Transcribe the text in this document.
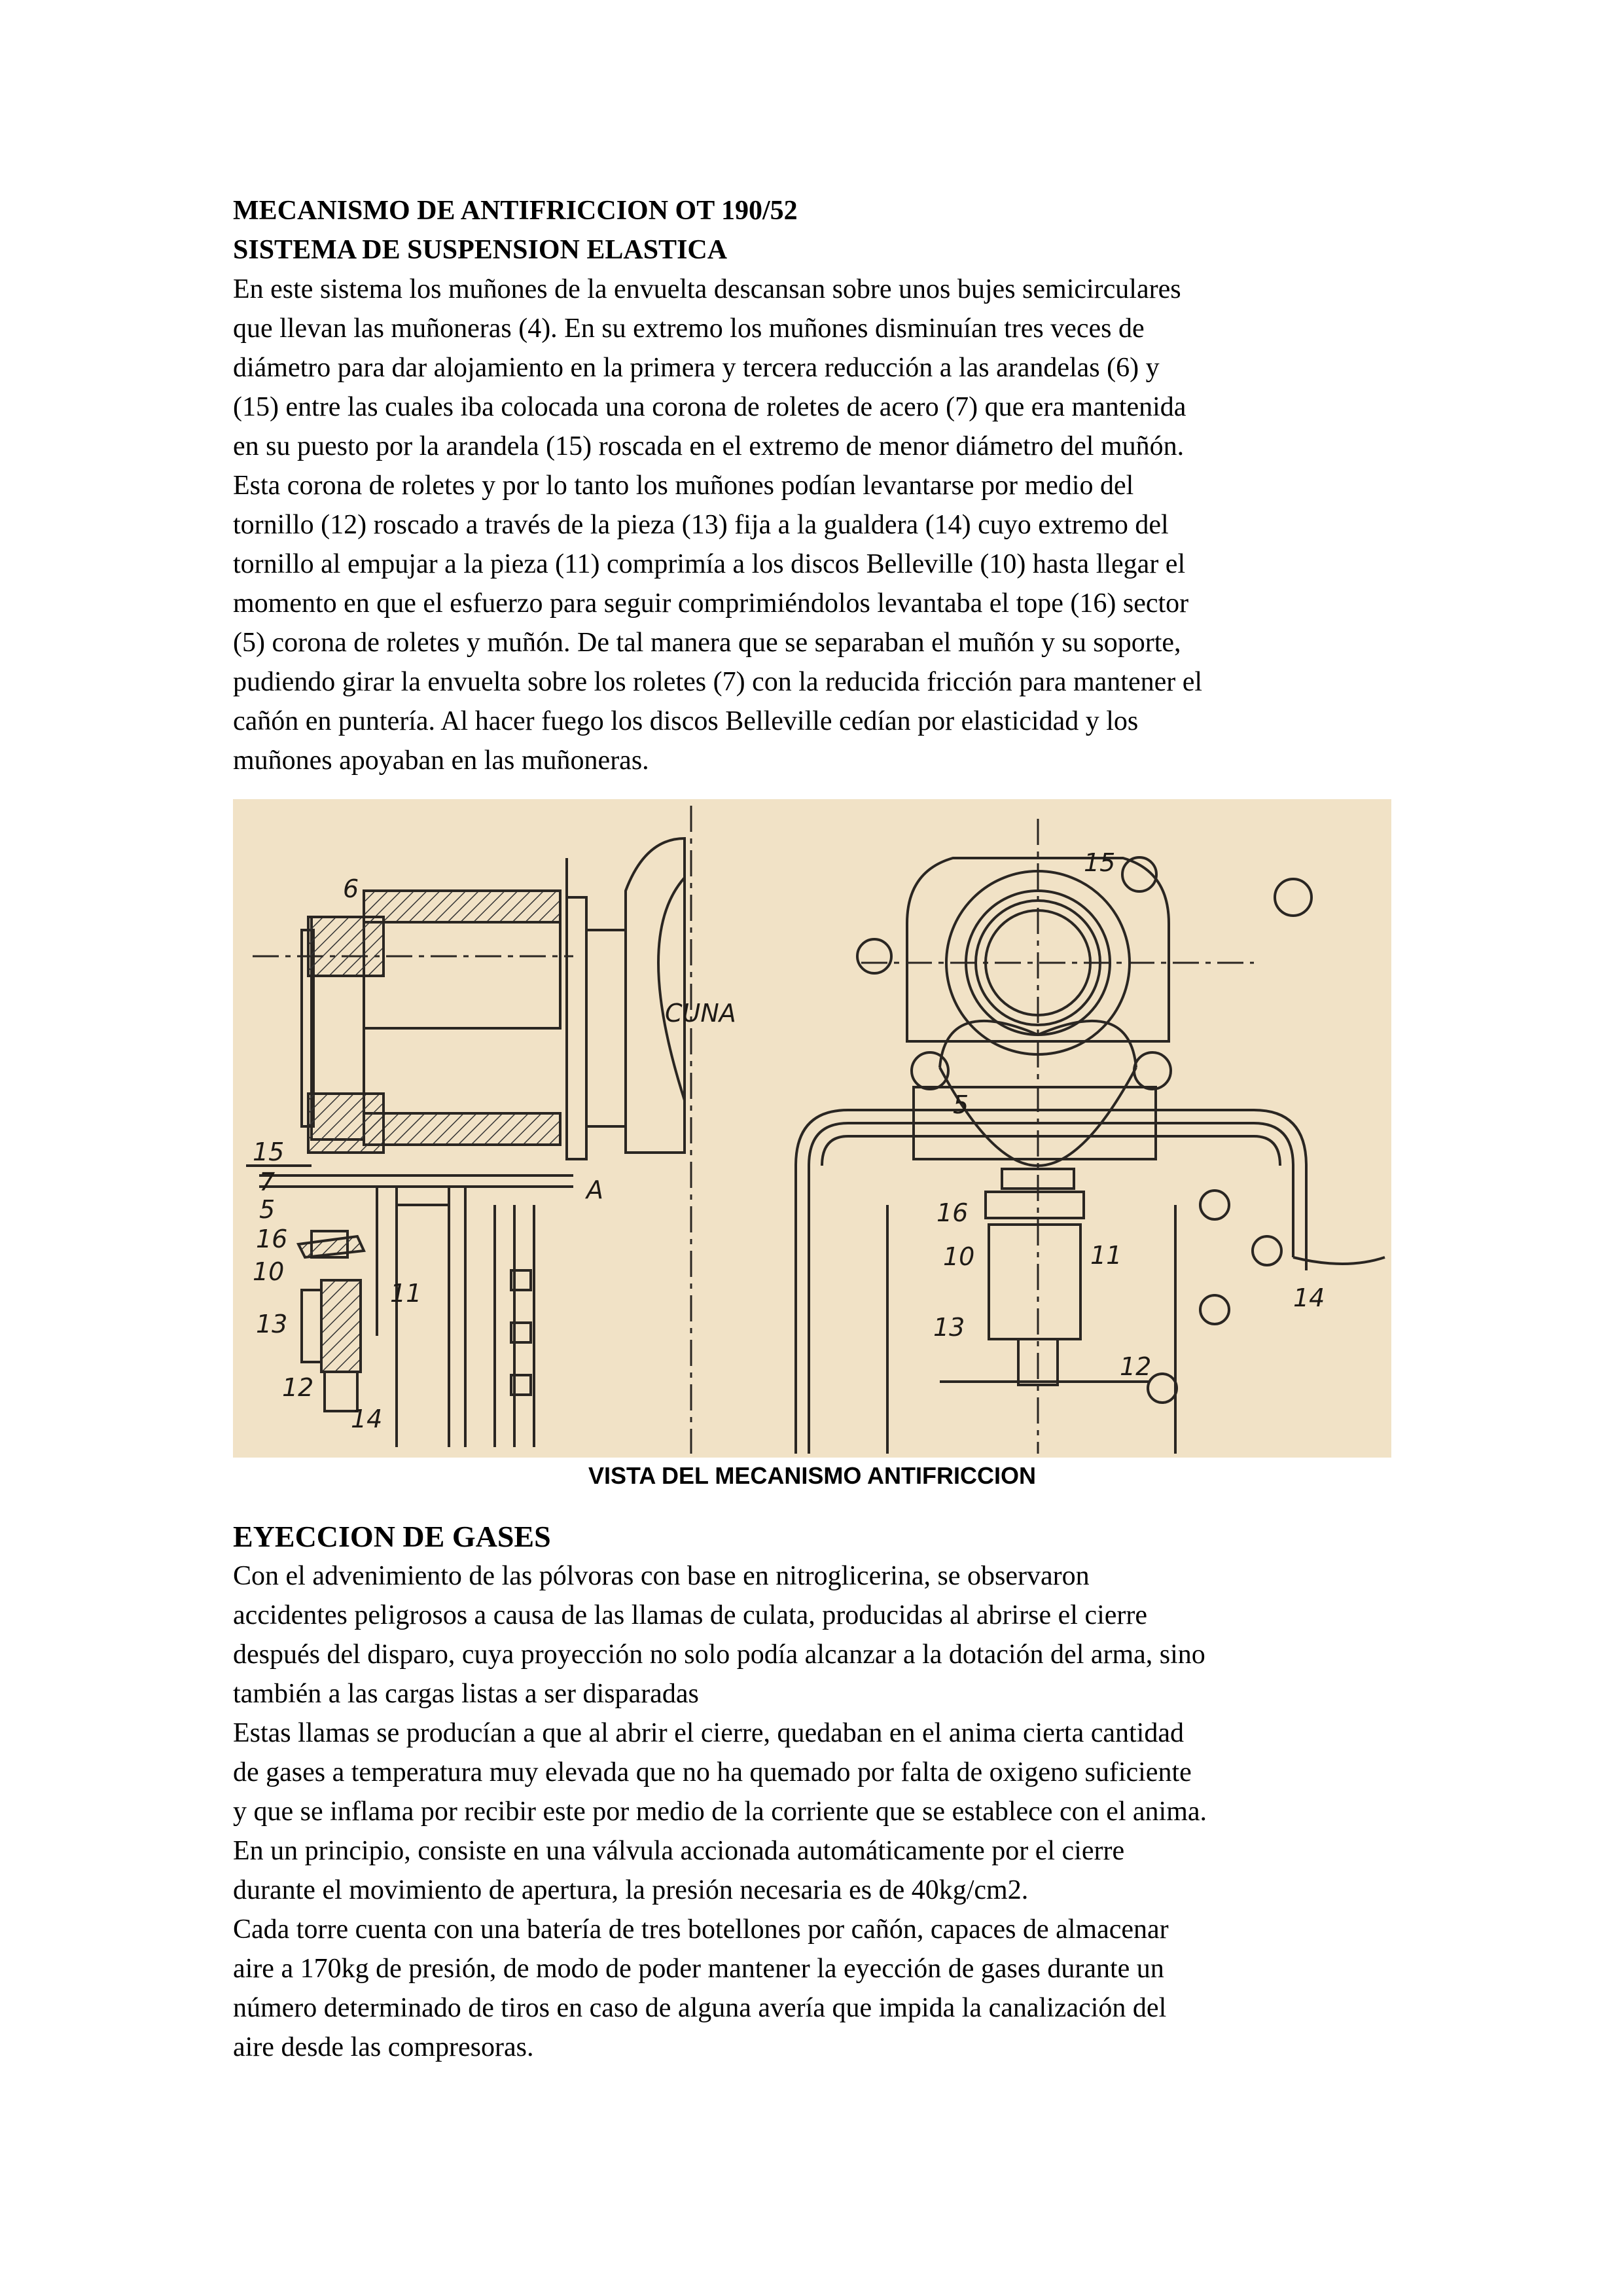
MECANISMO DE ANTIFRICCION OT 190/52

SISTEMA DE SUSPENSION ELASTICA

En este sistema los muñones de la envuelta descansan sobre unos bujes semicirculares
que llevan las muñoneras (4). En su extremo los muñones disminuían tres veces de
diámetro para dar alojamiento en la primera y tercera reducción a las arandelas (6) y
(15) entre las cuales iba colocada una corona de roletes de acero (7) que era mantenida
en su puesto por la arandela (15) roscada en el extremo de menor diámetro del muñón.
Esta corona de roletes y por lo tanto los muñones podían levantarse por medio del
tornillo (12) roscado a través de la pieza (13) fija a la gualdera (14) cuyo extremo del
tornillo al empujar a la pieza (11) comprimía a los discos Belleville (10) hasta llegar el
momento en que el esfuerzo para seguir comprimiéndolos levantaba el tope (16) sector
(5) corona de roletes y muñón. De tal manera que se separaban el muñón y su soporte,
pudiendo girar la envuelta sobre los roletes (7) con la reducida fricción para mantener el
cañón en puntería. Al hacer fuego los discos Belleville cedían por elasticidad y los
muñones apoyaban en las muñoneras.
6
15
7
5
16
10
11
13
12
14
A
CUNA
15
5
16
10	11
13
12
14
VISTA DEL MECANISMO ANTIFRICCION

EYECCION DE GASES

Con el advenimiento de las pólvoras con base en nitroglicerina, se observaron
accidentes peligrosos a causa de las llamas de culata, producidas al abrirse el cierre
después del disparo, cuya proyección no solo podía alcanzar a la dotación del arma, sino
también a las cargas listas a ser disparadas
Estas llamas se producían a que al abrir el cierre, quedaban en el anima cierta cantidad
de gases a temperatura muy elevada que no ha quemado por falta de oxigeno suficiente
y que se inflama por recibir este por medio de la corriente que se establece con el anima.
En un principio, consiste en una válvula accionada automáticamente por el cierre
durante el movimiento de apertura, la presión necesaria es de 40kg/cm2.
Cada torre cuenta con una batería de tres botellones por cañón, capaces de almacenar
aire a 170kg de presión, de modo de poder mantener la eyección de gases durante un
número determinado de tiros en caso de alguna avería que impida la canalización del
aire desde las compresoras.
